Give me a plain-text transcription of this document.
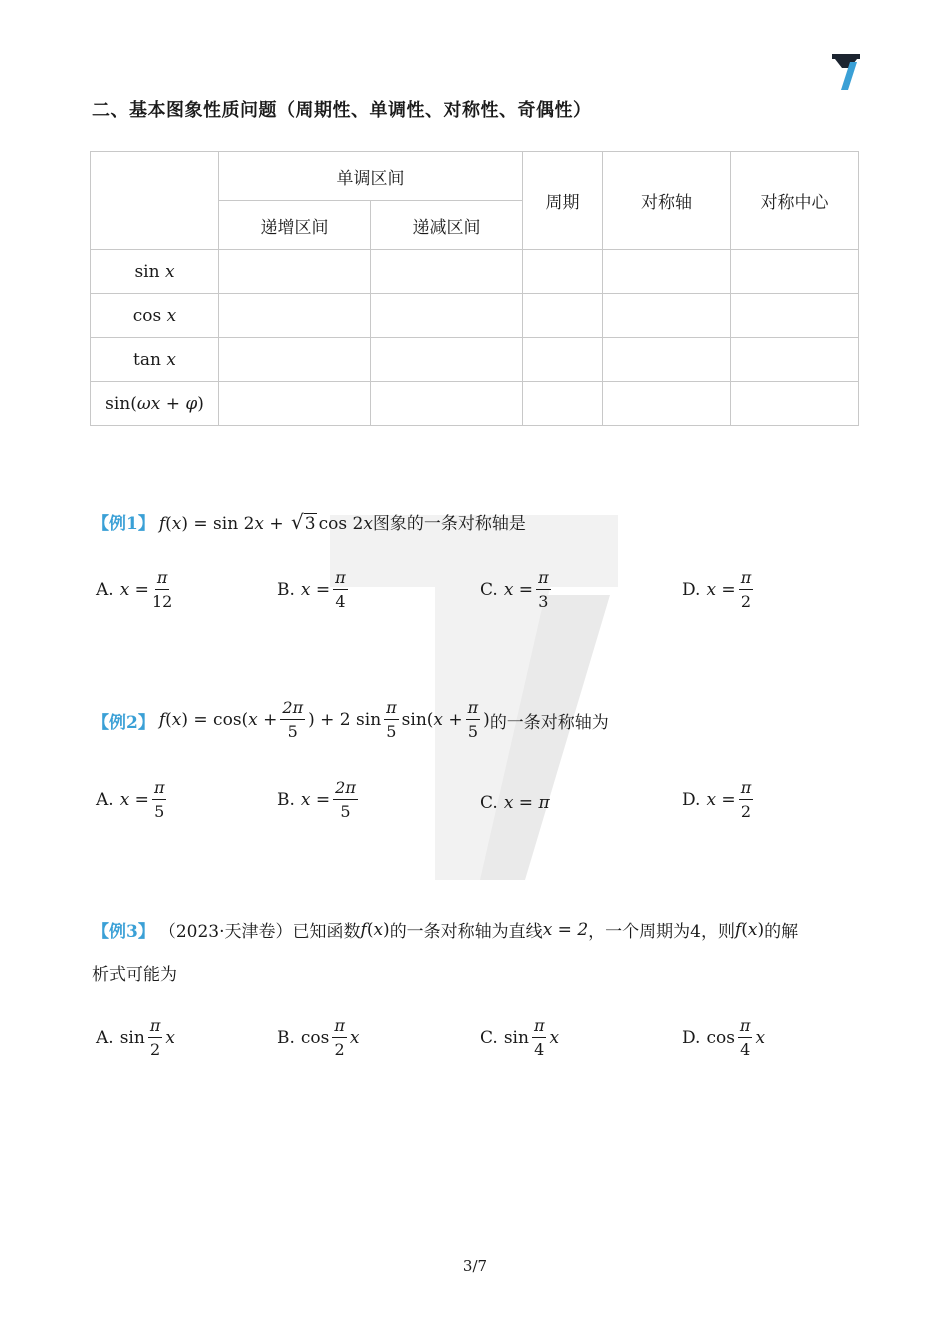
二、基本图象性质问题（周期性、单调性、对称性、奇偶性）
	单调区间		周期	对称轴	对称中心
	递增区间	递减区间			
sin x					
cos x					
tan x					
sin(ωx + φ)					
【例1】 f(x) = sin 2x + √ 3 cos 2x 图象的一条对称轴是
A. $x = \frac{\pi}{12}$	B. $x = \frac{\pi}{4}$	C. $x = \frac{\pi}{3}$	D. $x = \frac{\pi}{2}$
【例2】 f ( x ) = cos( $x + \frac{2\pi}{5}$ ) + 2 $\sin \frac{\pi}{5} \sin$( $x + \frac{\pi}{5}$ ) 的一条对称轴为
A. $x = \frac{\pi}{5}$	B. $x = \frac{2\pi}{5}$	C. x = π	D. $x = \frac{\pi}{2}$
【例3】 （2023·天津卷） 已知函数 f(x) 的一条对称轴为直线 x = 2 ，一个周期为4，则 f(x) 的解
析式可能为
A. $\sin \frac{\pi}{2}$ x	B. $\cos \frac{\pi}{2}$ x	C. $\sin \frac{\pi}{4}$ x	D. $\cos \frac{\pi}{4}$ x
3/7
